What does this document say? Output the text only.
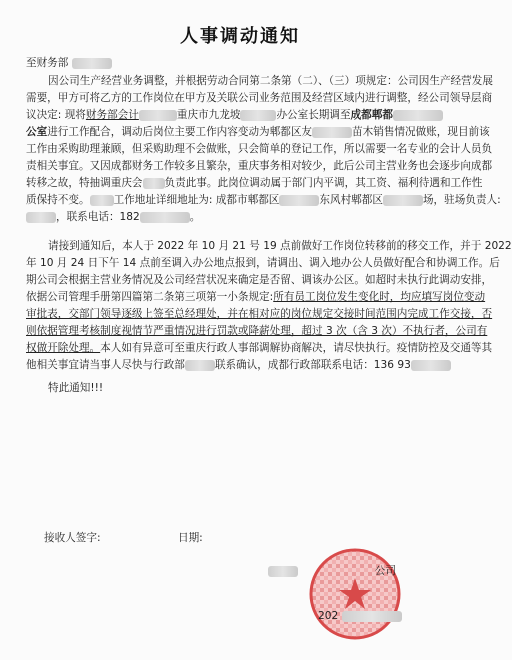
人事调动通知
至财务部
因公司生产经营业务调整，并根据劳动合同第二条第（二）、（三）项规定：公司因生产经营发展
需要，甲方可将乙方的工作岗位在甲方及关联公司业务范围及经营区域内进行调整，经公司领导层商
议决定: 现将财务部会计	重庆市九龙坡	办公室长期调至成都郫都
公室进行工作配合，调动后岗位主要工作内容变动为郫都区友	苗木销售情况做账，现目前该
工作由采购助理兼顾，但采购助理不会做账，只会简单的登记工作，所以需要一名专业的会计人员负
责相关事宜。又因成都财务工作较多且繁杂，重庆事务相对较少，此后公司主营业务也会逐步向成都
转移之故，特抽调重庆会 负责此事。此岗位调动属于部门内平调，其工资、福利待遇和工作性
质保持不变。 工作地址详细地址为: 成都市郫都区	东风村郫都区	场，驻场负责人:
，联系电话：182	。
请接到通知后，本人于 2022 年 10 月 21 号 19 点前做好工作岗位转移前的移交工作，并于 2022
年 10 月 24 日下午 14 点前至调入办公地点报到，请调出、调入地办公人员做好配合和协调工作。后
期公司会根据主营业务情况及公司经营状况来确定是否留、调该办公区。如超时未执行此调动安排，
依据公司管理手册第四篇第二条第三项第一小条规定:所有员工岗位发生变化时，均应填写岗位变动
审批表，交部门领导逐级上签至总经理处，并在相对应的岗位规定交接时间范围内完成工作交接，否
则依据管理考核制度视情节严重情况进行罚款或降薪处理，超过 3 次（含 3 次）不执行者，公司有
权做开除处理。本人如有异意可至重庆行政人事部调解协商解决，请尽快执行。疫情防控及交通等其
他相关事宜请当事人尽快与行政部	联系确认，成都行政部联系电话：136 93
特此通知!!!
接收人签字:	日期:
公司
202
